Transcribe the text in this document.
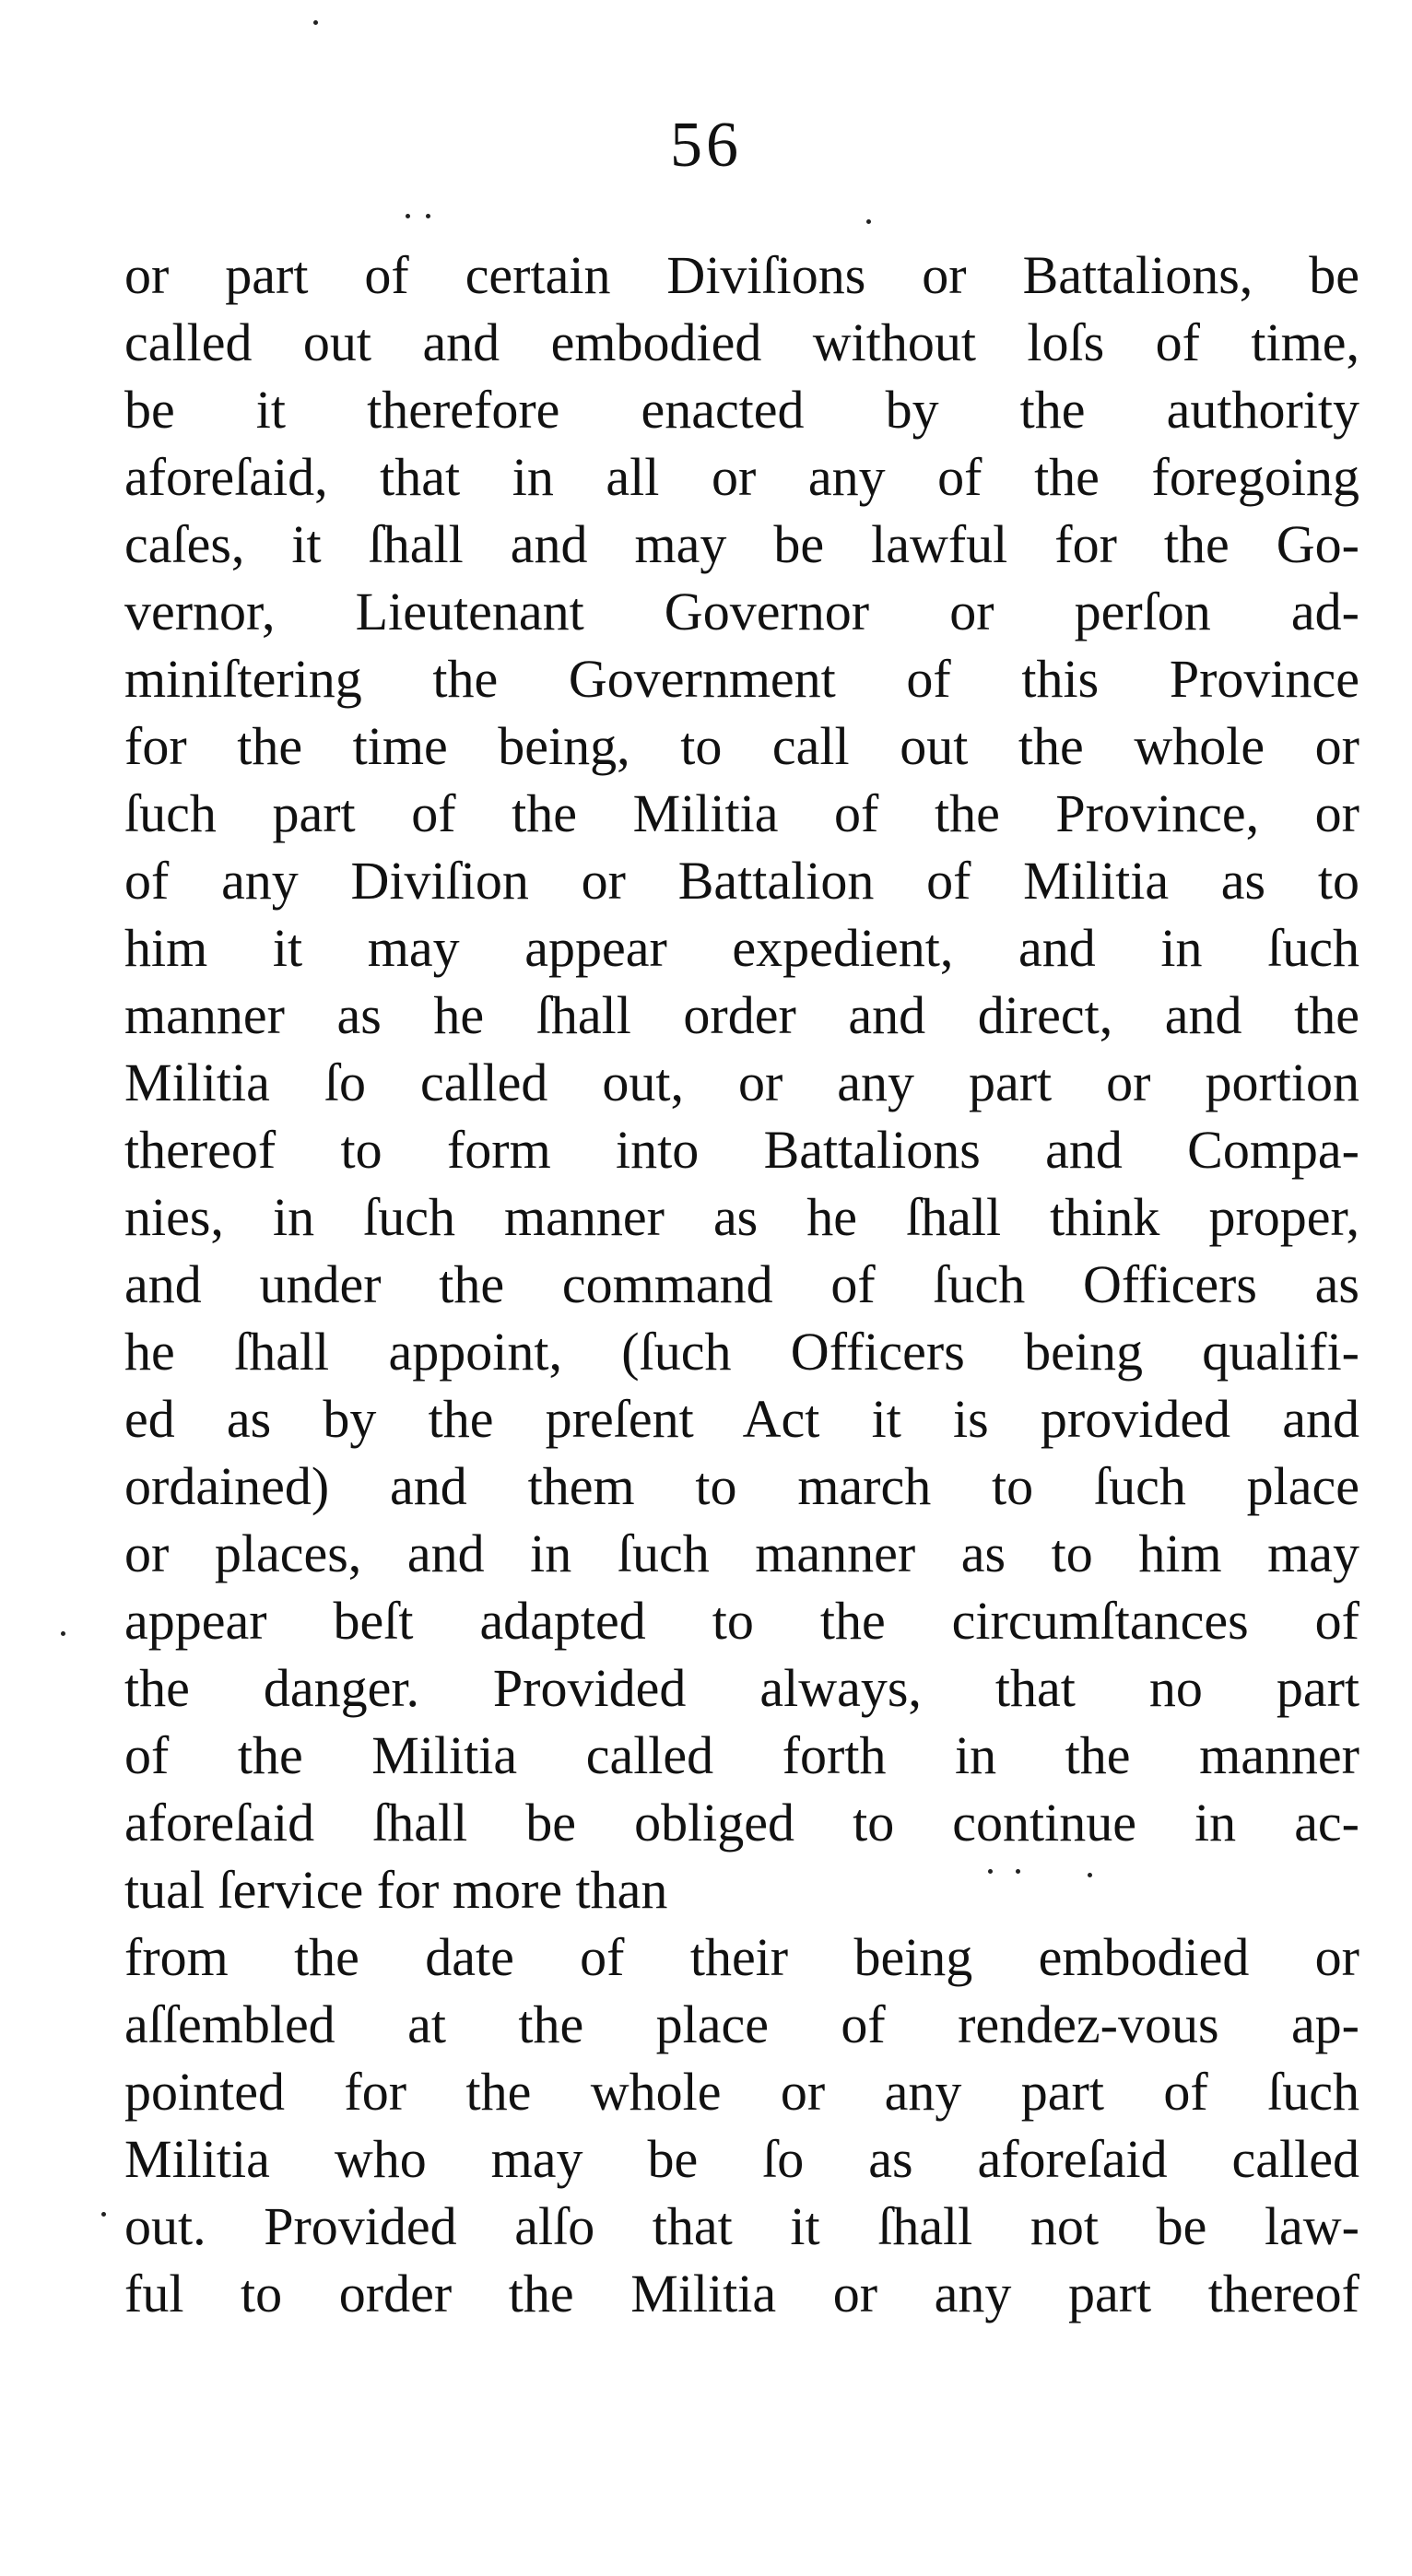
56
or part of certain Diviſions or Battalions, be
called out and embodied without loſs of time,
be it therefore enacted by the authority
aforeſaid, that in all or any of the foregoing
caſes, it ſhall and may be lawful for the Go-
vernor, Lieutenant Governor or perſon ad-
miniſtering the Government of this Province
for the time being, to call out the whole or
ſuch part of the Militia of the Province, or
of any Diviſion or Battalion of Militia as to
him it may appear expedient, and in ſuch
manner as he ſhall order and direct, and the
Militia ſo called out, or any part or portion
thereof to form into Battalions and Compa-
nies, in ſuch manner as he ſhall think proper,
and under the command of ſuch Officers as
he ſhall appoint, (ſuch Officers being qualifi-
ed as by the preſent Act it is provided and
ordained) and them to march to ſuch place
or places, and in ſuch manner as to him may
appear beſt adapted to the circumſtances of
the danger. Provided always, that no part
of the Militia called forth in the manner
aforeſaid ſhall be obliged to continue in ac-
tual ſervice for more than
from the date of their being embodied or
aſſembled at the place of rendez-vous ap-
pointed for the whole or any part of ſuch
Militia who may be ſo as aforeſaid called
out. Provided alſo that it ſhall not be law-
ful to order the Militia or any part thereof
